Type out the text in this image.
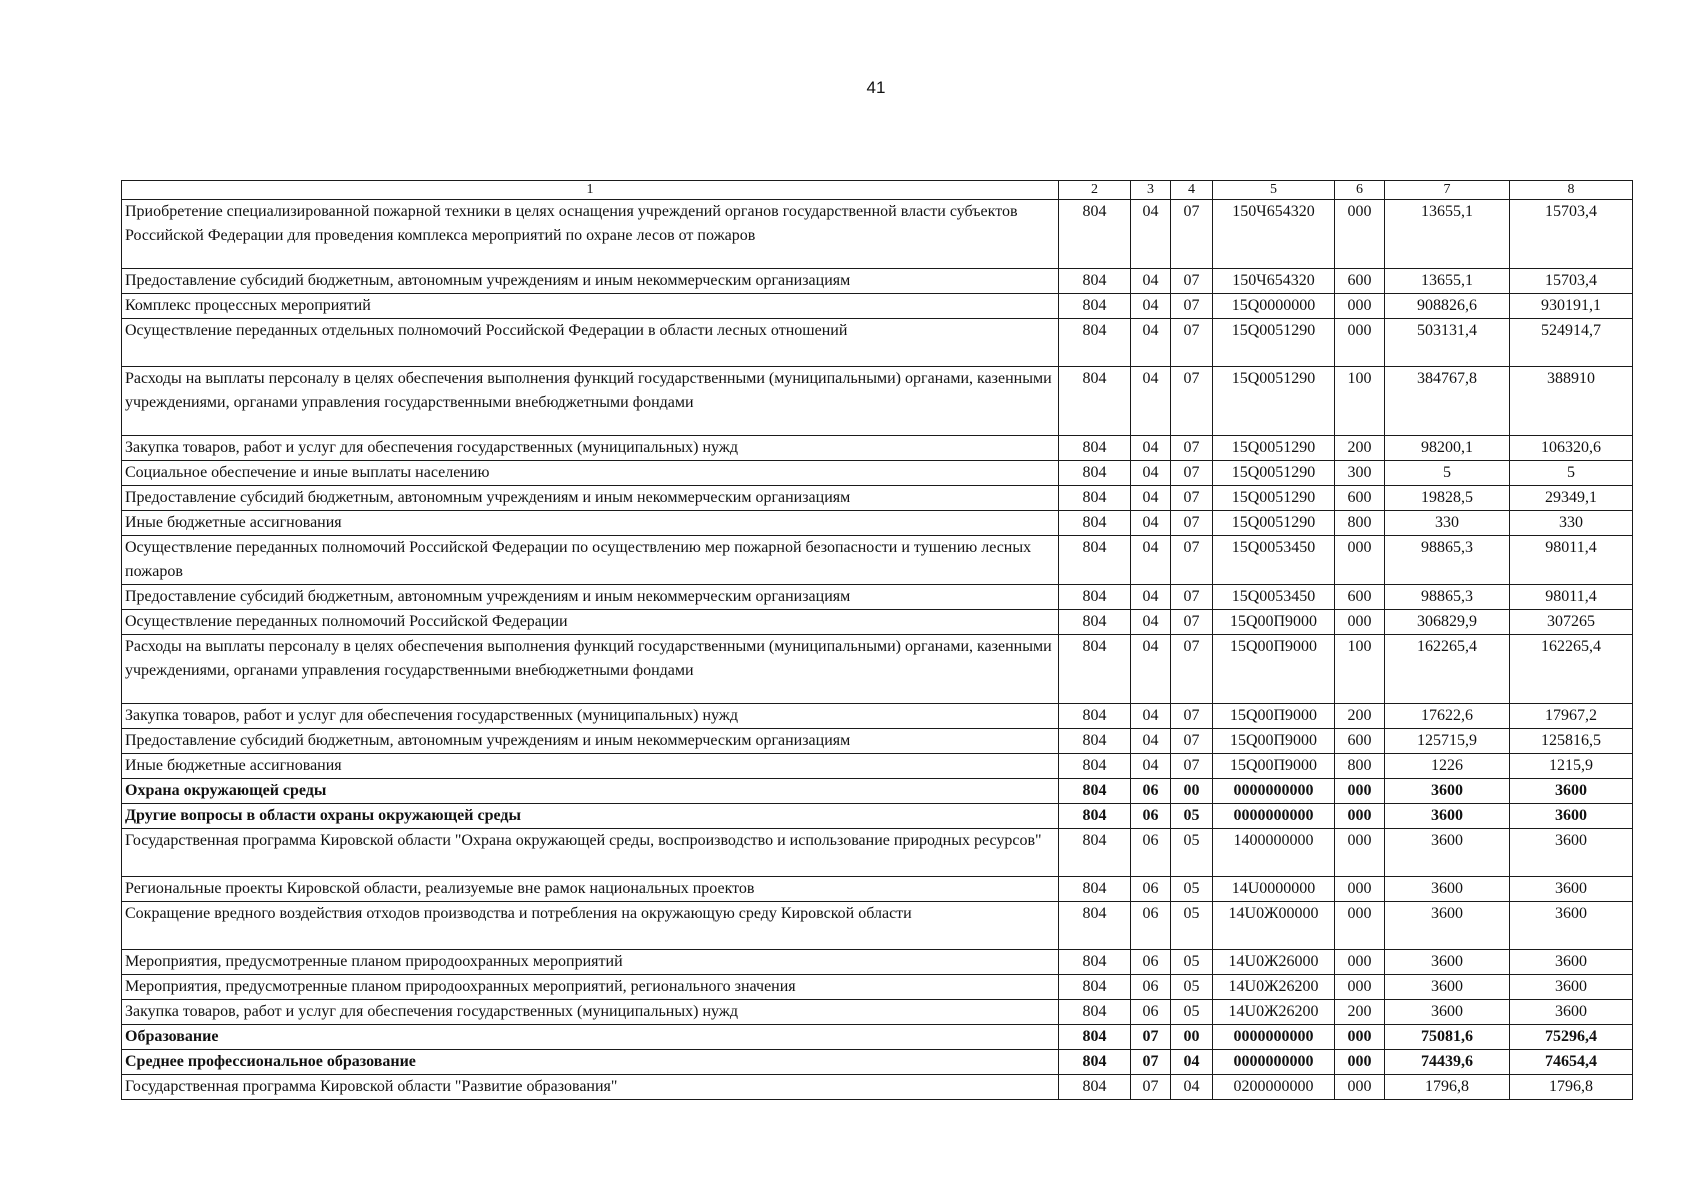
41
1	2	3	4	5	6	7	8
Приобретение специализированной пожарной техники в целях оснащения учреждений органов государственной власти субъектов Российской Федерации для проведения комплекса мероприятий по охране лесов от пожаров	804	04	07	150Ч654320	000	13655,1	15703,4
Предоставление субсидий бюджетным, автономным учреждениям и иным некоммерческим организациям	804	04	07	150Ч654320	600	13655,1	15703,4
Комплекс процессных мероприятий	804	04	07	15Q0000000	000	908826,6	930191,1
Осуществление переданных отдельных полномочий Российской Федерации в области лесных отношений	804	04	07	15Q0051290	000	503131,4	524914,7
Расходы на выплаты персоналу в целях обеспечения выполнения функций государственными (муниципальными) органами, казенными учреждениями, органами управления государственными внебюджетными фондами	804	04	07	15Q0051290	100	384767,8	388910
Закупка товаров, работ и услуг для обеспечения государственных (муниципальных) нужд	804	04	07	15Q0051290	200	98200,1	106320,6
Социальное обеспечение и иные выплаты населению	804	04	07	15Q0051290	300	5	5
Предоставление субсидий бюджетным, автономным учреждениям и иным некоммерческим организациям	804	04	07	15Q0051290	600	19828,5	29349,1
Иные бюджетные ассигнования	804	04	07	15Q0051290	800	330	330
Осуществление переданных полномочий Российской Федерации по осуществлению мер пожарной безопасности и тушению лесных пожаров	804	04	07	15Q0053450	000	98865,3	98011,4
Предоставление субсидий бюджетным, автономным учреждениям и иным некоммерческим организациям	804	04	07	15Q0053450	600	98865,3	98011,4
Осуществление переданных полномочий Российской Федерации	804	04	07	15Q00П9000	000	306829,9	307265
Расходы на выплаты персоналу в целях обеспечения выполнения функций государственными (муниципальными) органами, казенными учреждениями, органами управления государственными внебюджетными фондами	804	04	07	15Q00П9000	100	162265,4	162265,4
Закупка товаров, работ и услуг для обеспечения государственных (муниципальных) нужд	804	04	07	15Q00П9000	200	17622,6	17967,2
Предоставление субсидий бюджетным, автономным учреждениям и иным некоммерческим организациям	804	04	07	15Q00П9000	600	125715,9	125816,5
Иные бюджетные ассигнования	804	04	07	15Q00П9000	800	1226	1215,9
Охрана окружающей среды	804	06	00	0000000000	000	3600	3600
Другие вопросы в области охраны окружающей среды	804	06	05	0000000000	000	3600	3600
Государственная программа Кировской области "Охрана окружающей среды, воспроизводство и использование природных ресурсов"	804	06	05	1400000000	000	3600	3600
Региональные проекты Кировской области, реализуемые вне рамок национальных проектов	804	06	05	14U0000000	000	3600	3600
Сокращение вредного воздействия отходов производства и потребления на окружающую среду Кировской области	804	06	05	14U0Ж00000	000	3600	3600
Мероприятия, предусмотренные планом природоохранных мероприятий	804	06	05	14U0Ж26000	000	3600	3600
Мероприятия, предусмотренные планом природоохранных мероприятий, регионального значения	804	06	05	14U0Ж26200	000	3600	3600
Закупка товаров, работ и услуг для обеспечения государственных (муниципальных) нужд	804	06	05	14U0Ж26200	200	3600	3600
Образование	804	07	00	0000000000	000	75081,6	75296,4
Среднее профессиональное образование	804	07	04	0000000000	000	74439,6	74654,4
Государственная программа Кировской области "Развитие образования"	804	07	04	0200000000	000	1796,8	1796,8
